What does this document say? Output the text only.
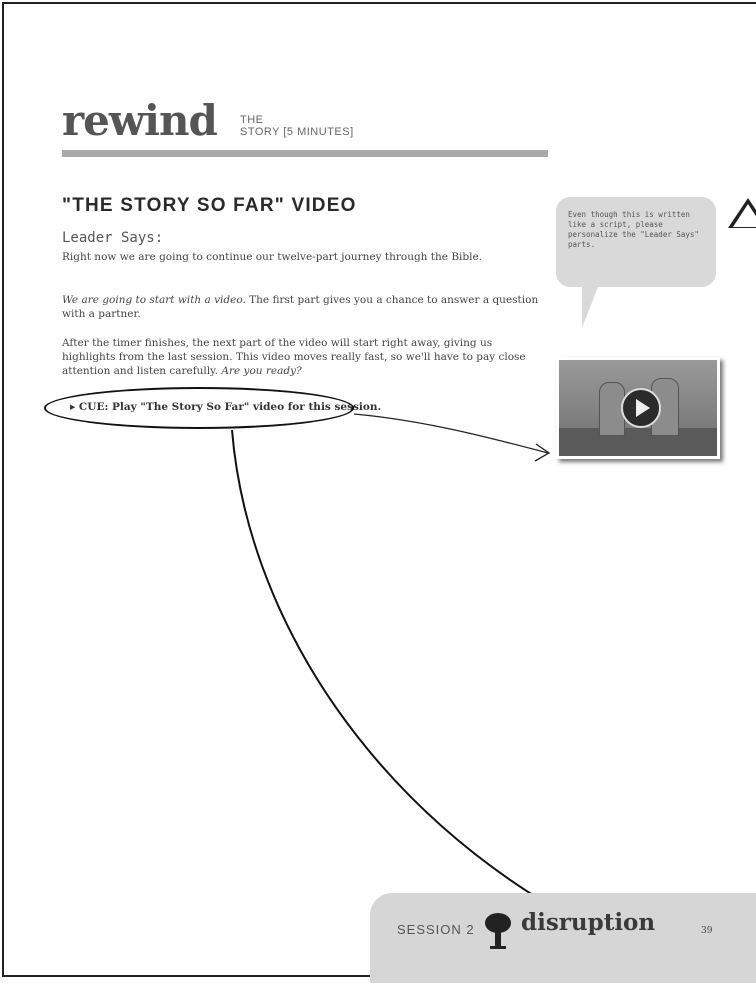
rewind THE
STORY [5 MINUTES]
"THE STORY SO FAR" VIDEO
Leader Says:

Right now we are going to continue our twelve-part journey through the Bible.

We are going to start with a video. The first part gives you a chance to answer a question with a partner.

After the timer finishes, the next part of the video will start right away, giving us highlights from the last session. This video moves really fast, so we'll have to pay close attention and listen carefully. Are you ready?

▸ CUE: Play "The Story So Far" video for this session.
Even though this is written like a script, please personalize the "Leader Says" parts.
SESSION 2 disruption	39
